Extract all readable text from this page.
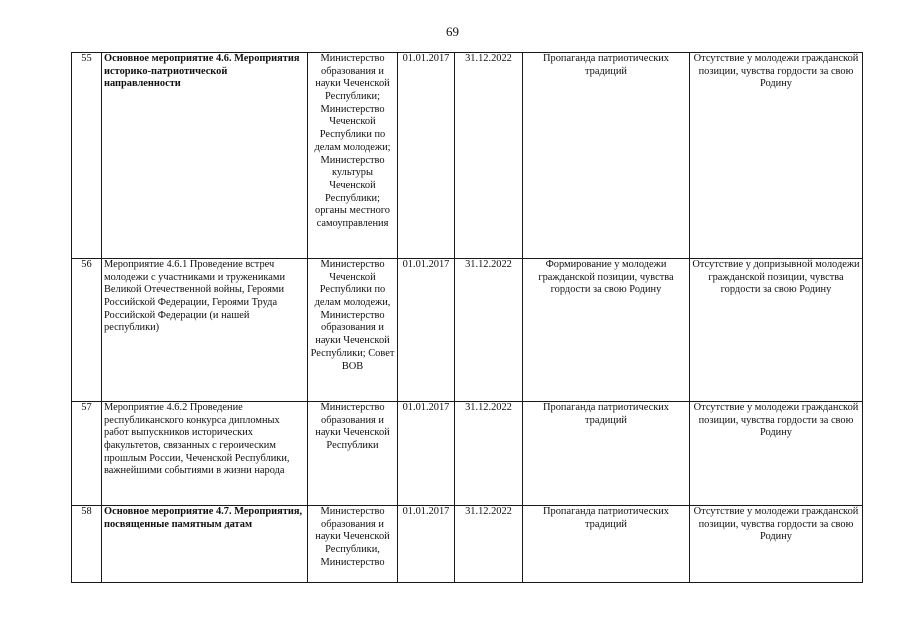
69
55	Основное мероприятие 4.6. Мероприятия историко-патриотической направленности	Министерство образования и науки Чеченской Республики; Министерство Чеченской Республики по делам молодежи; Министерство культуры Чеченской Республики; органы местного самоуправления	01.01.2017	31.12.2022	Пропаганда патриотических традиций	Отсутствие у молодежи гражданской позиции, чувства гордости за свою Родину
56	Мероприятие 4.6.1 Проведение встреч молодежи с участниками и тружениками Великой Отечественной войны, Героями Российской Федерации, Героями Труда Российской Федерации (и нашей республики)	Министерство Чеченской Республики по делам молодежи, Министерство образования и науки Чеченской Республики; Совет ВОВ	01.01.2017	31.12.2022	Формирование у молодежи гражданской позиции, чувства гордости за свою Родину	Отсутствие у допризывной молодежи гражданской позиции, чувства гордости за свою Родину
57	Мероприятие 4.6.2 Проведение республиканского конкурса дипломных работ выпускников исторических факультетов, связанных с героическим прошлым России, Чеченской Республики, важнейшими событиями в жизни народа	Министерство образования и науки Чеченской Республики	01.01.2017	31.12.2022	Пропаганда патриотических традиций	Отсутствие у молодежи гражданской позиции, чувства гордости за свою Родину
58	Основное мероприятие 4.7. Мероприятия, посвященные памятным датам	Министерство образования и науки Чеченской Республики, Министерство	01.01.2017	31.12.2022	Пропаганда патриотических традиций	Отсутствие у молодежи гражданской позиции, чувства гордости за свою Родину
